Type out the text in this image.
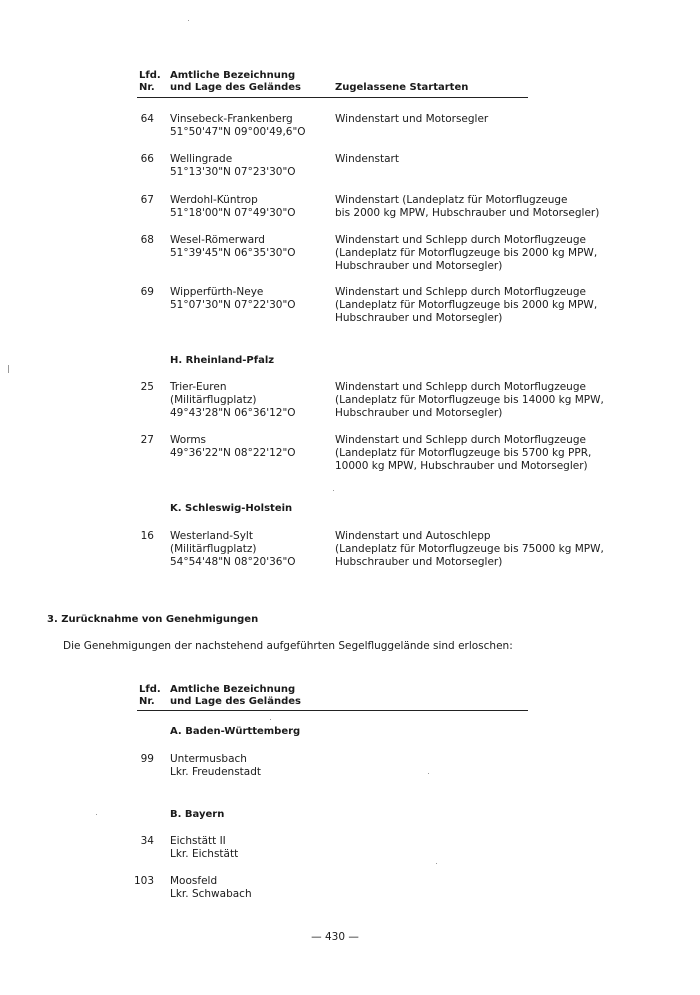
Lfd.
Nr.
Amtliche Bezeichnung
und Lage des Geländes	Zugelassene Startarten
64 Vinsebeck-Frankenberg
51°50'47"N 09°00'49,6"O
Windenstart und Motorsegler
66 Wellingrade
51°13'30"N 07°23'30"O
Windenstart
67 Werdohl-Küntrop
51°18'00"N 07°49'30"O
Windenstart (Landeplatz für Motorflugzeuge
bis 2000 kg MPW, Hubschrauber und Motorsegler)
68 Wesel-Römerward
51°39'45"N 06°35'30"O
Windenstart und Schlepp durch Motorflugzeuge
(Landeplatz für Motorflugzeuge bis 2000 kg MPW,
Hubschrauber und Motorsegler)
69 Wipperfürth-Neye
51°07'30"N 07°22'30"O
Windenstart und Schlepp durch Motorflugzeuge
(Landeplatz für Motorflugzeuge bis 2000 kg MPW,
Hubschrauber und Motorsegler)
H. Rheinland-Pfalz
25 Trier-Euren
(Militärflugplatz)
49°43'28"N 06°36'12"O
Windenstart und Schlepp durch Motorflugzeuge
(Landeplatz für Motorflugzeuge bis 14000 kg MPW,
Hubschrauber und Motorsegler)
27 Worms
49°36'22"N 08°22'12"O
Windenstart und Schlepp durch Motorflugzeuge
(Landeplatz für Motorflugzeuge bis 5700 kg PPR,
10000 kg MPW, Hubschrauber und Motorsegler)
K. Schleswig-Holstein
16 Westerland-Sylt
(Militärflugplatz)
54°54'48"N 08°20'36"O
Windenstart und Autoschlepp
(Landeplatz für Motorflugzeuge bis 75000 kg MPW,
Hubschrauber und Motorsegler)
3. Zurücknahme von Genehmigungen
Die Genehmigungen der nachstehend aufgeführten Segelfluggelände sind erloschen:
Lfd.
Nr.
Amtliche Bezeichnung
und Lage des Geländes
A. Baden-Württemberg
99 Untermusbach
Lkr. Freudenstadt
B. Bayern
34 Eichstätt II
Lkr. Eichstätt
103 Moosfeld
Lkr. Schwabach
— 430 —
